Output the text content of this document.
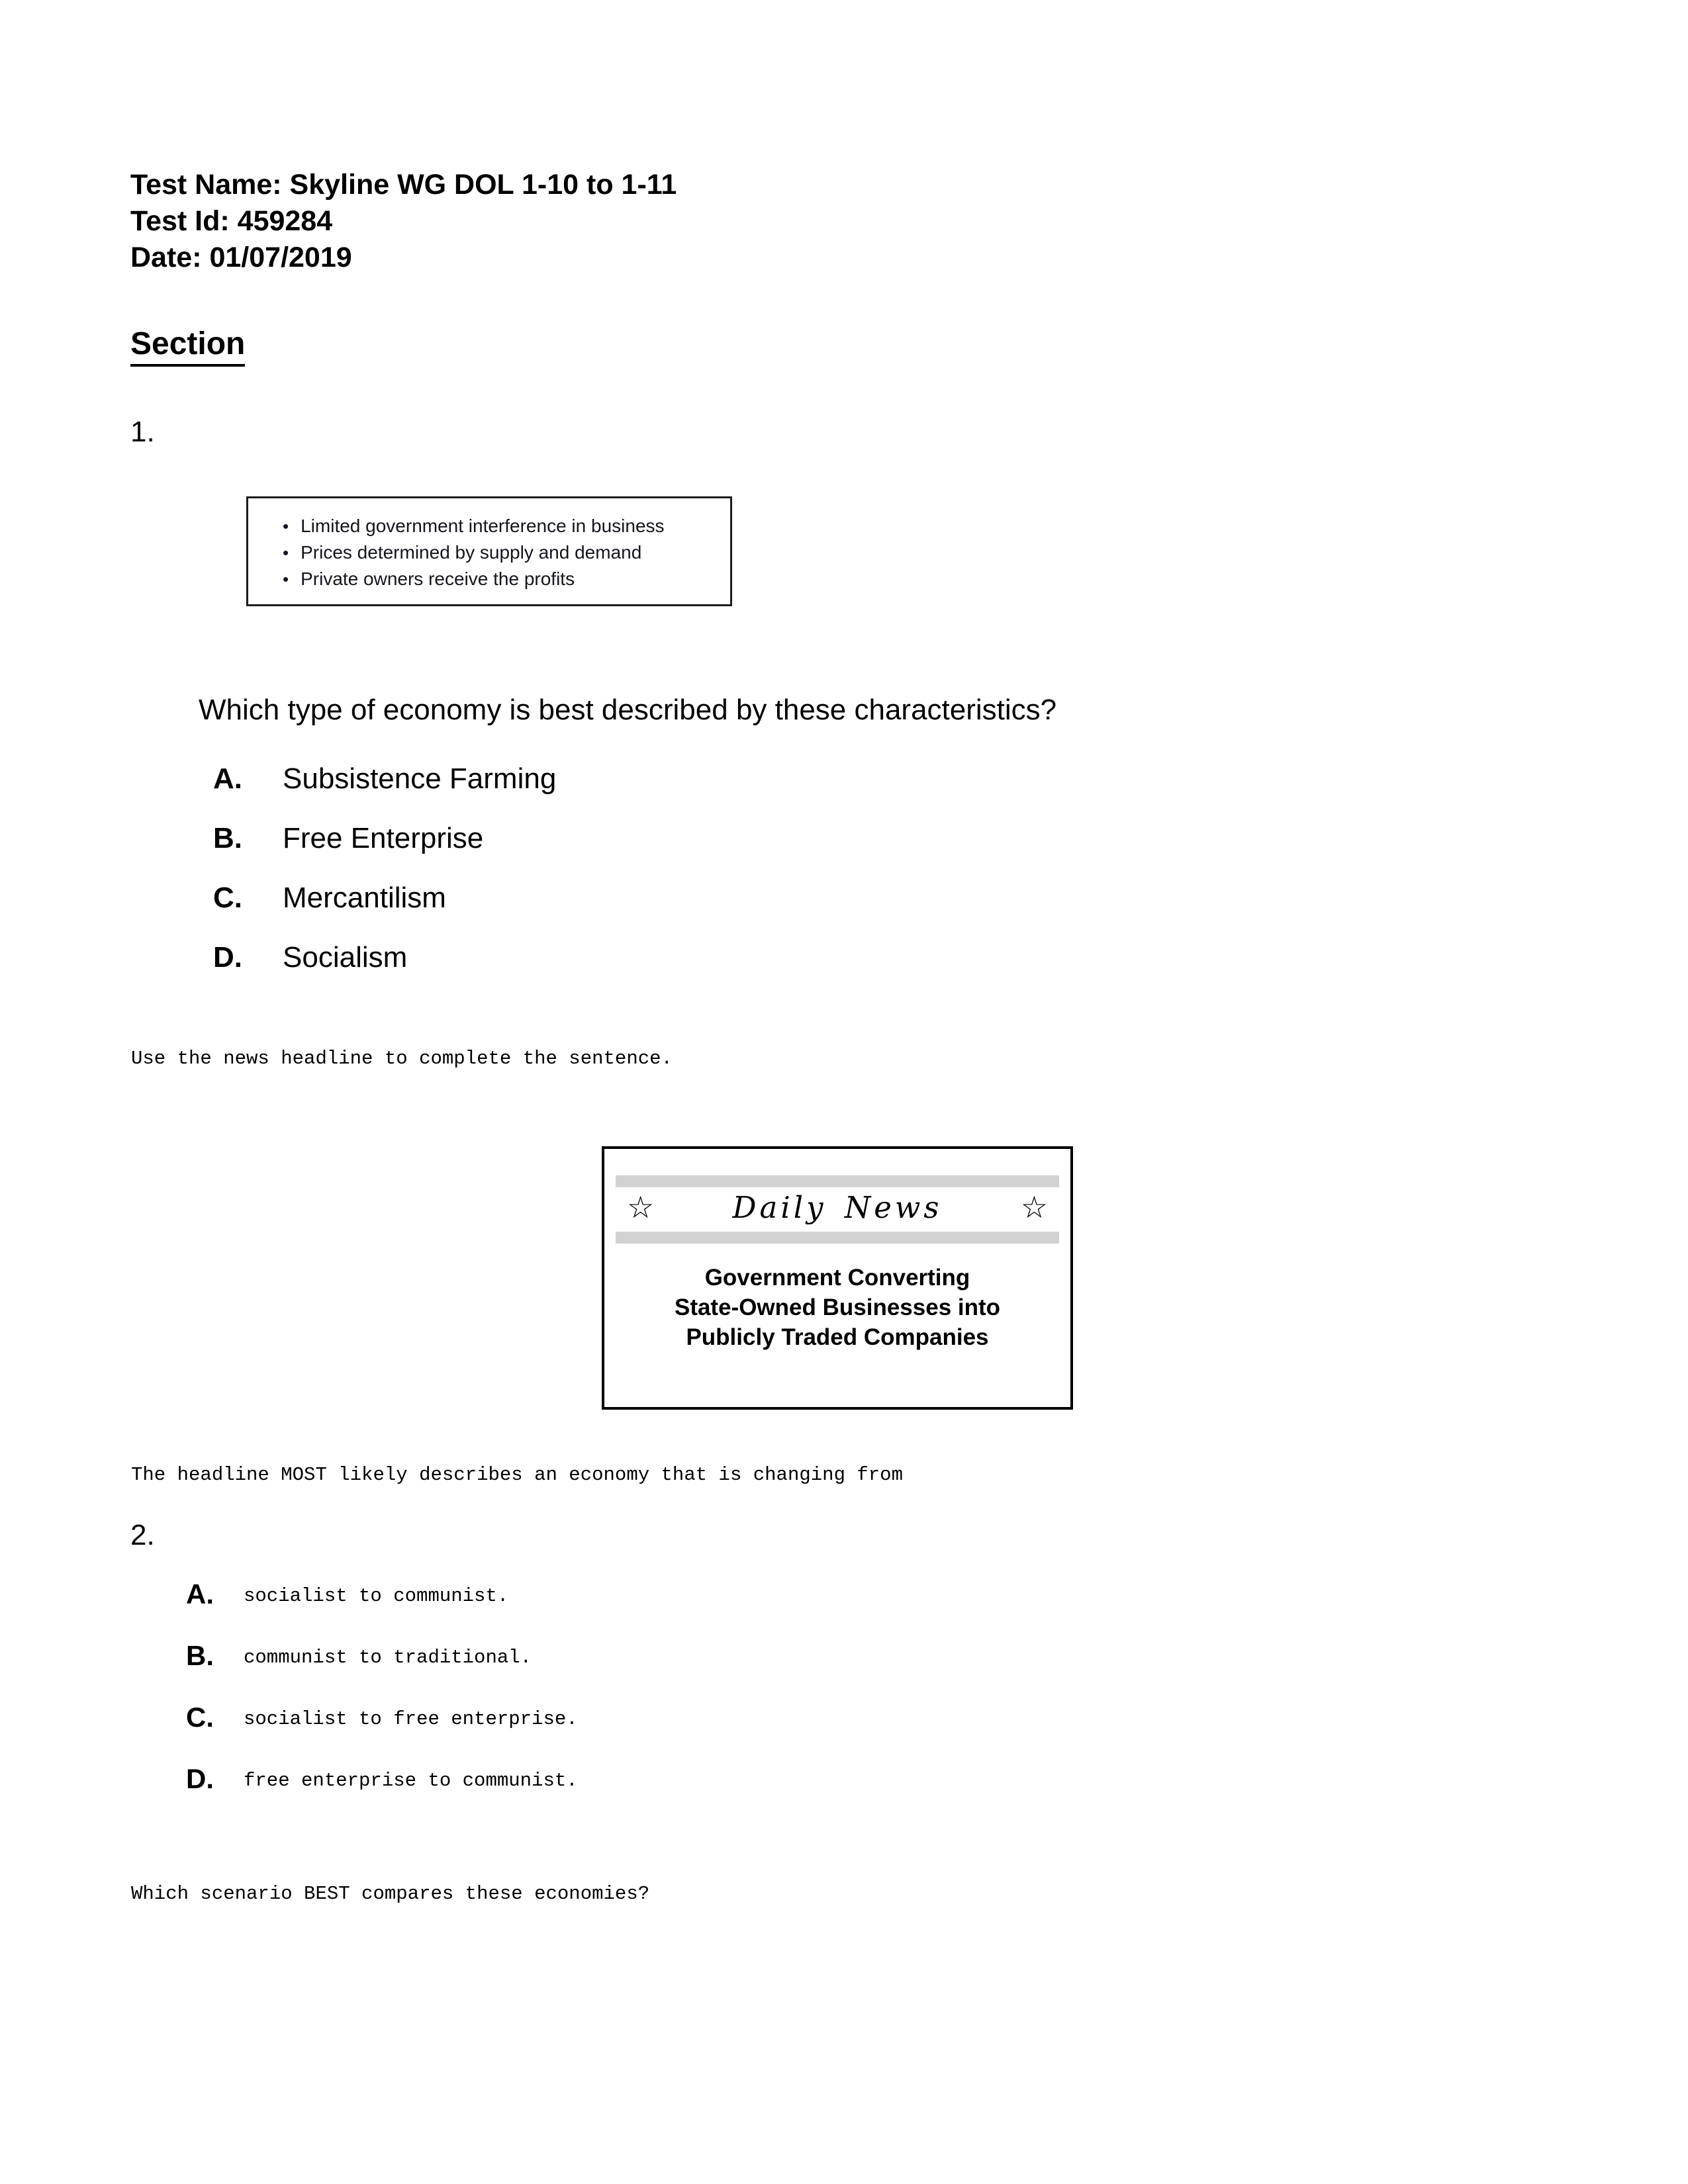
Test Name: Skyline WG DOL 1-10 to 1-11
Test Id: 459284
Date: 01/07/2019
Section
1.
• Limited government interference in business
• Prices determined by supply and demand
• Private owners receive the profits
Which type of economy is best described by these characteristics?
A. Subsistence Farming
B. Free Enterprise
C. Mercantilism
D. Socialism
Use the news headline to complete the sentence.
☆	Daily News	☆
Government Converting
State-Owned Businesses into
Publicly Traded Companies
The headline MOST likely describes an economy that is changing from
2.
A. socialist to communist.
B. communist to traditional.
C. socialist to free enterprise.
D. free enterprise to communist.
Which scenario BEST compares these economies?
